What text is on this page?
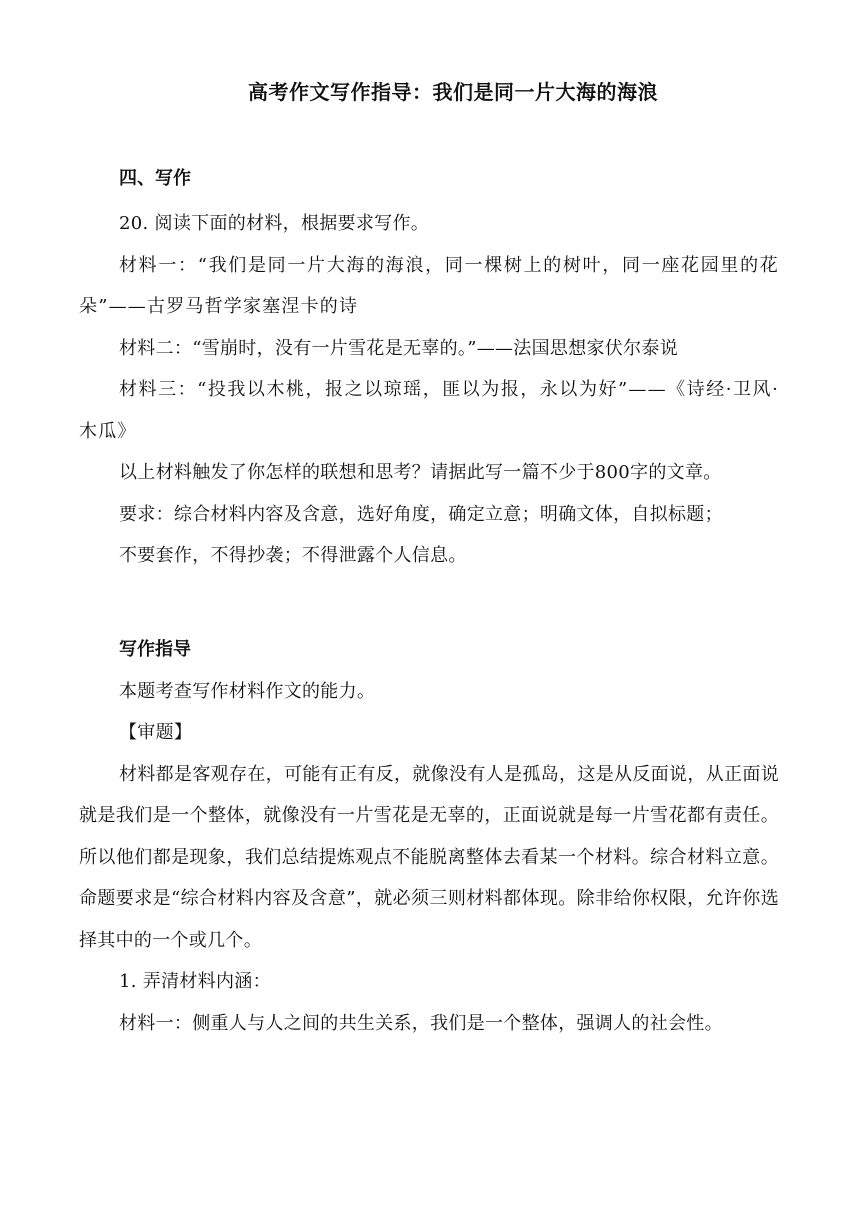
高考作文写作指导：我们是同一片大海的海浪
四、写作

20. 阅读下面的材料，根据要求写作。

材料一：“我们是同一片大海的海浪，同一棵树上的树叶，同一座花园里的花朵”——古罗马哲学家塞涅卡的诗

材料二：“雪崩时，没有一片雪花是无辜的。”——法国思想家伏尔泰说

材料三：“投我以木桃，报之以琼瑶，匪以为报，永以为好”——《诗经·卫风·木瓜》

以上材料触发了你怎样的联想和思考？请据此写一篇不少于800字的文章。

要求：综合材料内容及含意，选好角度，确定立意；明确文体，自拟标题；

不要套作，不得抄袭；不得泄露个人信息。

写作指导

本题考查写作材料作文的能力。

【审题】

材料都是客观存在，可能有正有反，就像没有人是孤岛，这是从反面说，从正面说就是我们是一个整体，就像没有一片雪花是无辜的，正面说就是每一片雪花都有责任。所以他们都是现象，我们总结提炼观点不能脱离整体去看某一个材料。综合材料立意。命题要求是“综合材料内容及含意”，就必须三则材料都体现。除非给你权限，允许你选择其中的一个或几个。

1. 弄清材料内涵：

材料一：侧重人与人之间的共生关系，我们是一个整体，强调人的社会性。
